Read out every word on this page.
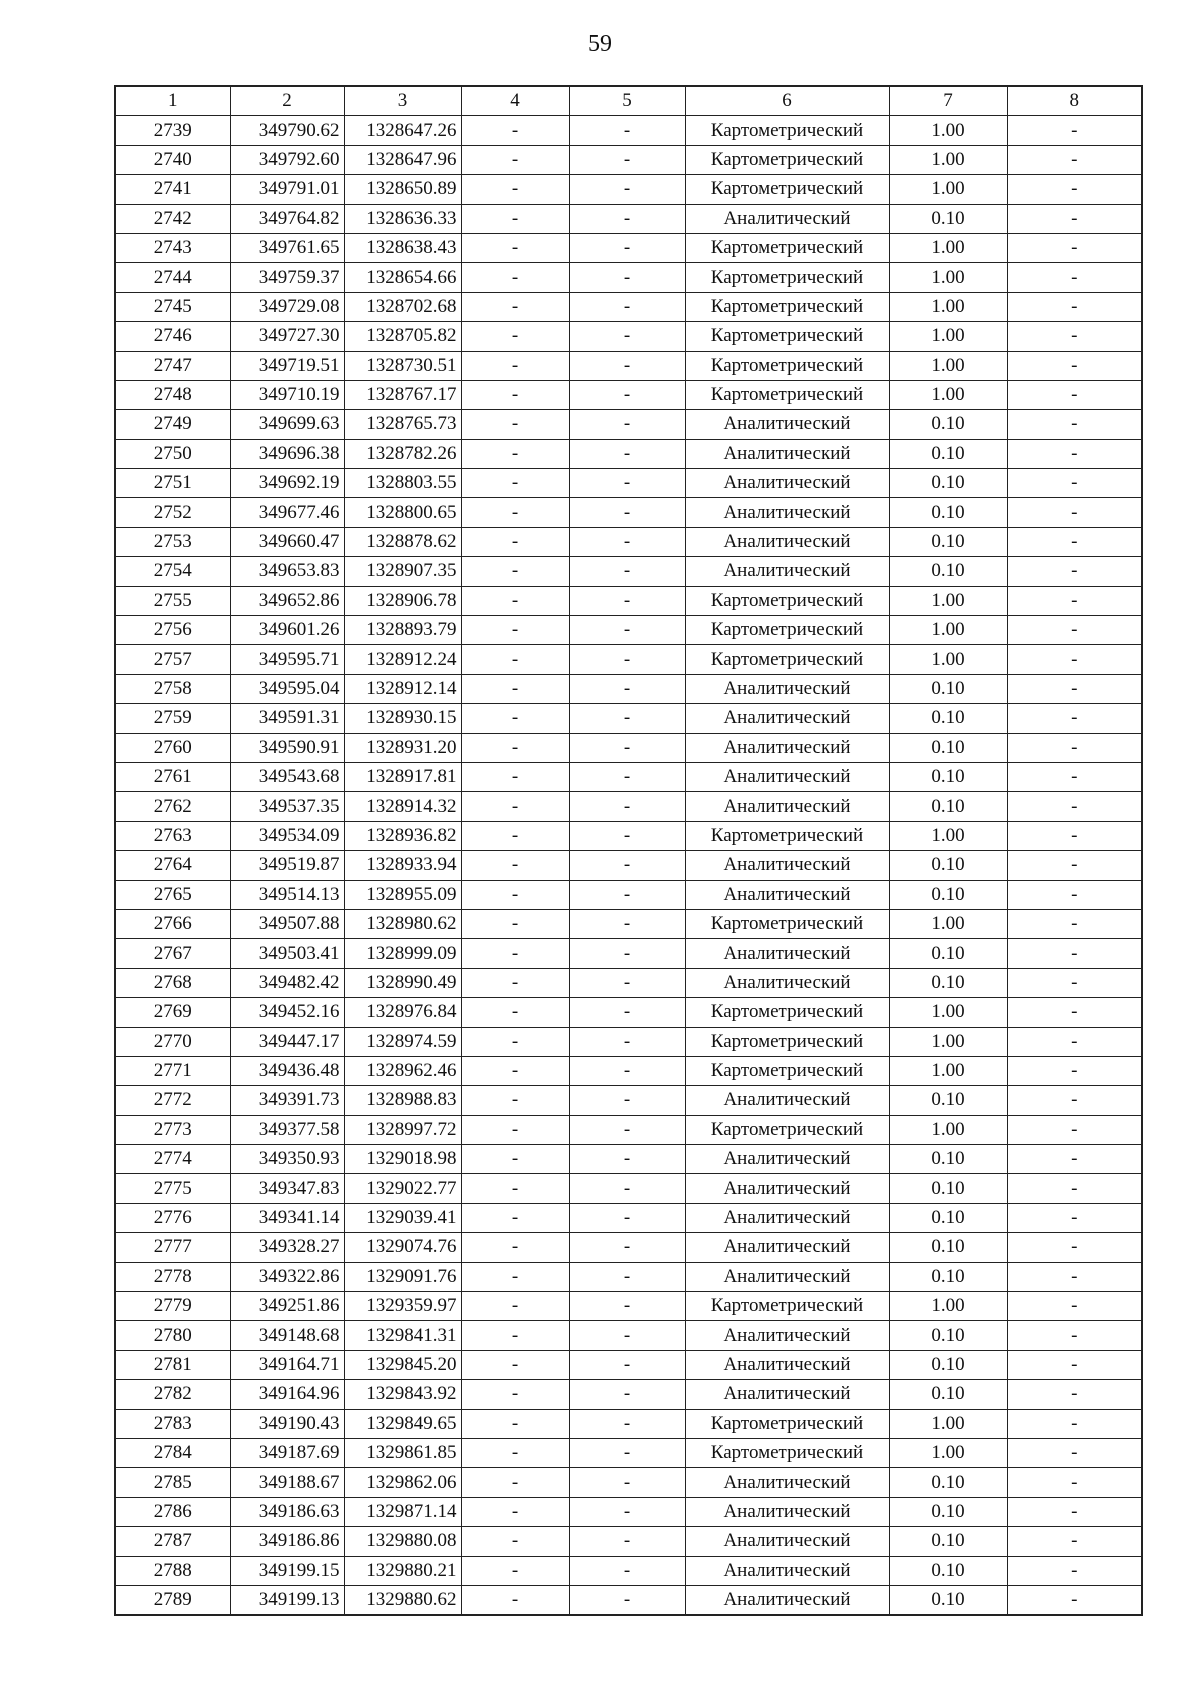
59
1	2	3	4	5	6	7	8
2739	349790.62	1328647.26	-	-	Картометрический	1.00	-
2740	349792.60	1328647.96	-	-	Картометрический	1.00	-
2741	349791.01	1328650.89	-	-	Картометрический	1.00	-
2742	349764.82	1328636.33	-	-	Аналитический	0.10	-
2743	349761.65	1328638.43	-	-	Картометрический	1.00	-
2744	349759.37	1328654.66	-	-	Картометрический	1.00	-
2745	349729.08	1328702.68	-	-	Картометрический	1.00	-
2746	349727.30	1328705.82	-	-	Картометрический	1.00	-
2747	349719.51	1328730.51	-	-	Картометрический	1.00	-
2748	349710.19	1328767.17	-	-	Картометрический	1.00	-
2749	349699.63	1328765.73	-	-	Аналитический	0.10	-
2750	349696.38	1328782.26	-	-	Аналитический	0.10	-
2751	349692.19	1328803.55	-	-	Аналитический	0.10	-
2752	349677.46	1328800.65	-	-	Аналитический	0.10	-
2753	349660.47	1328878.62	-	-	Аналитический	0.10	-
2754	349653.83	1328907.35	-	-	Аналитический	0.10	-
2755	349652.86	1328906.78	-	-	Картометрический	1.00	-
2756	349601.26	1328893.79	-	-	Картометрический	1.00	-
2757	349595.71	1328912.24	-	-	Картометрический	1.00	-
2758	349595.04	1328912.14	-	-	Аналитический	0.10	-
2759	349591.31	1328930.15	-	-	Аналитический	0.10	-
2760	349590.91	1328931.20	-	-	Аналитический	0.10	-
2761	349543.68	1328917.81	-	-	Аналитический	0.10	-
2762	349537.35	1328914.32	-	-	Аналитический	0.10	-
2763	349534.09	1328936.82	-	-	Картометрический	1.00	-
2764	349519.87	1328933.94	-	-	Аналитический	0.10	-
2765	349514.13	1328955.09	-	-	Аналитический	0.10	-
2766	349507.88	1328980.62	-	-	Картометрический	1.00	-
2767	349503.41	1328999.09	-	-	Аналитический	0.10	-
2768	349482.42	1328990.49	-	-	Аналитический	0.10	-
2769	349452.16	1328976.84	-	-	Картометрический	1.00	-
2770	349447.17	1328974.59	-	-	Картометрический	1.00	-
2771	349436.48	1328962.46	-	-	Картометрический	1.00	-
2772	349391.73	1328988.83	-	-	Аналитический	0.10	-
2773	349377.58	1328997.72	-	-	Картометрический	1.00	-
2774	349350.93	1329018.98	-	-	Аналитический	0.10	-
2775	349347.83	1329022.77	-	-	Аналитический	0.10	-
2776	349341.14	1329039.41	-	-	Аналитический	0.10	-
2777	349328.27	1329074.76	-	-	Аналитический	0.10	-
2778	349322.86	1329091.76	-	-	Аналитический	0.10	-
2779	349251.86	1329359.97	-	-	Картометрический	1.00	-
2780	349148.68	1329841.31	-	-	Аналитический	0.10	-
2781	349164.71	1329845.20	-	-	Аналитический	0.10	-
2782	349164.96	1329843.92	-	-	Аналитический	0.10	-
2783	349190.43	1329849.65	-	-	Картометрический	1.00	-
2784	349187.69	1329861.85	-	-	Картометрический	1.00	-
2785	349188.67	1329862.06	-	-	Аналитический	0.10	-
2786	349186.63	1329871.14	-	-	Аналитический	0.10	-
2787	349186.86	1329880.08	-	-	Аналитический	0.10	-
2788	349199.15	1329880.21	-	-	Аналитический	0.10	-
2789	349199.13	1329880.62	-	-	Аналитический	0.10	-
